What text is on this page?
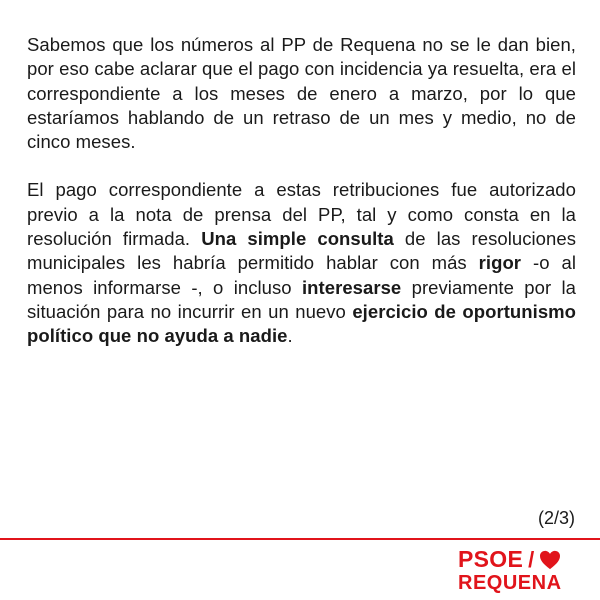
Sabemos que los números al PP de Requena no se le dan bien, por eso cabe aclarar que el pago con incidencia ya resuelta, era el correspondiente a los meses de enero a marzo, por lo que estaríamos hablando de un retraso de un mes y medio, no de cinco meses.

El pago correspondiente a estas retribuciones fue autorizado previo a la nota de prensa del PP, tal y como consta en la resolución firmada. Una simple consulta de las resoluciones municipales les habría permitido hablar con más rigor -o al menos informarse -, o incluso interesarse previamente por la situación para no incurrir en un nuevo ejercicio de oportunismo político que no ayuda a nadie.

(2/3)
PSOE /
REQUENA
